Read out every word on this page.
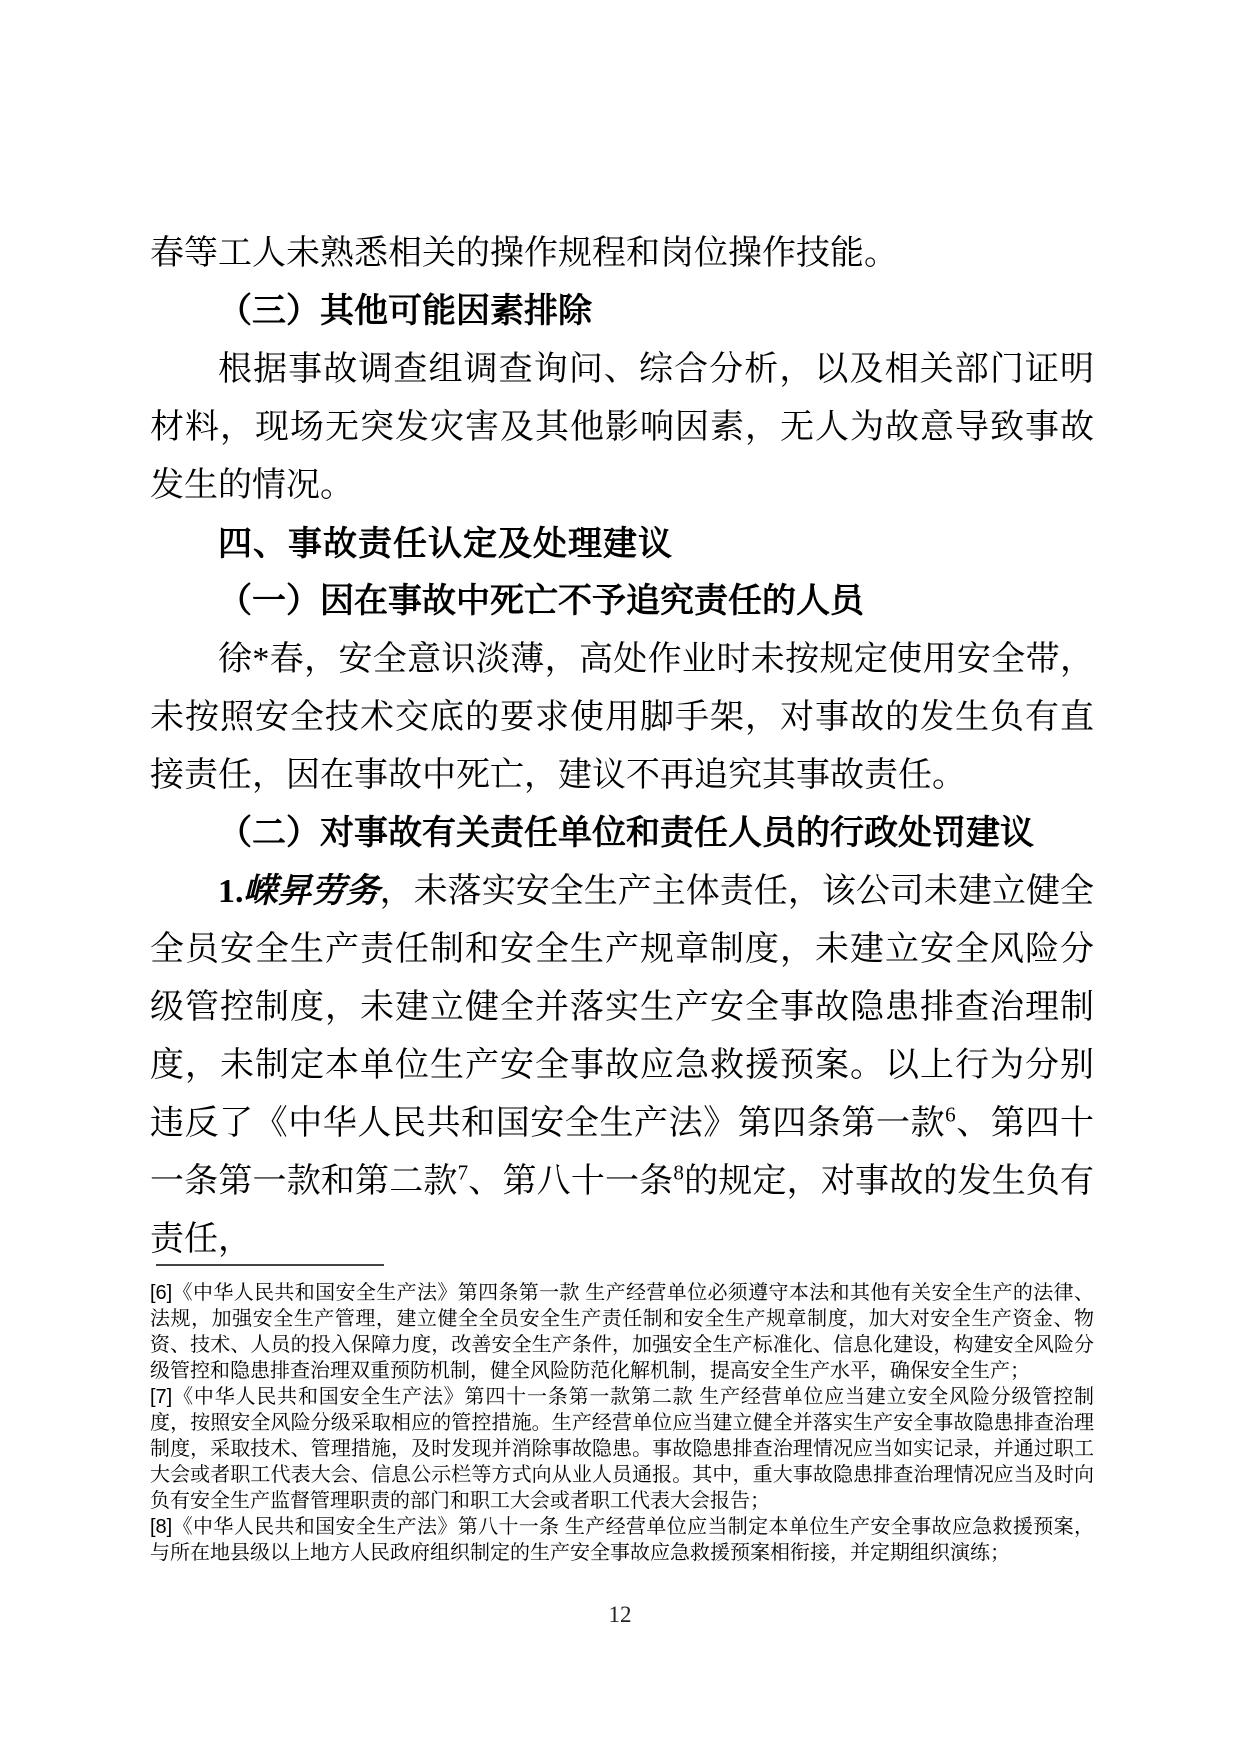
春等工人未熟悉相关的操作规程和岗位操作技能。

（三）其他可能因素排除

根据事故调查组调查询问、综合分析，以及相关部门证明材料，现场无突发灾害及其他影响因素，无人为故意导致事故发生的情况。

四、事故责任认定及处理建议

（一）因在事故中死亡不予追究责任的人员

徐*春，安全意识淡薄，高处作业时未按规定使用安全带，未按照安全技术交底的要求使用脚手架，对事故的发生负有直接责任，因在事故中死亡，建议不再追究其事故责任。

（二）对事故有关责任单位和责任人员的行政处罚建议

1.嵘昇劳务，未落实安全生产主体责任，该公司未建立健全全员安全生产责任制和安全生产规章制度，未建立安全风险分级管控制度，未建立健全并落实生产安全事故隐患排查治理制度，未制定本单位生产安全事故应急救援预案。以上行为分别违反了《中华人民共和国安全生产法》第四条第一款$^6$、第四十一条第一款和第二款$^7$、第八十一条$^8$的规定，对事故的发生负有责任，

[6]《中华人民共和国安全生产法》第四条第一款 生产经营单位必须遵守本法和其他有关安全生产的法律、法规，加强安全生产管理，建立健全全员安全生产责任制和安全生产规章制度，加大对安全生产资金、物资、技术、人员的投入保障力度，改善安全生产条件，加强安全生产标准化、信息化建设，构建安全风险分级管控和隐患排查治理双重预防机制，健全风险防范化解机制，提高安全生产水平，确保安全生产；

[7]《中华人民共和国安全生产法》第四十一条第一款第二款 生产经营单位应当建立安全风险分级管控制度，按照安全风险分级采取相应的管控措施。生产经营单位应当建立健全并落实生产安全事故隐患排查治理制度，采取技术、管理措施，及时发现并消除事故隐患。事故隐患排查治理情况应当如实记录，并通过职工大会或者职工代表大会、信息公示栏等方式向从业人员通报。其中，重大事故隐患排查治理情况应当及时向负有安全生产监督管理职责的部门和职工大会或者职工代表大会报告；

[8]《中华人民共和国安全生产法》第八十一条 生产经营单位应当制定本单位生产安全事故应急救援预案，与所在地县级以上地方人民政府组织制定的生产安全事故应急救援预案相衔接，并定期组织演练；

12
